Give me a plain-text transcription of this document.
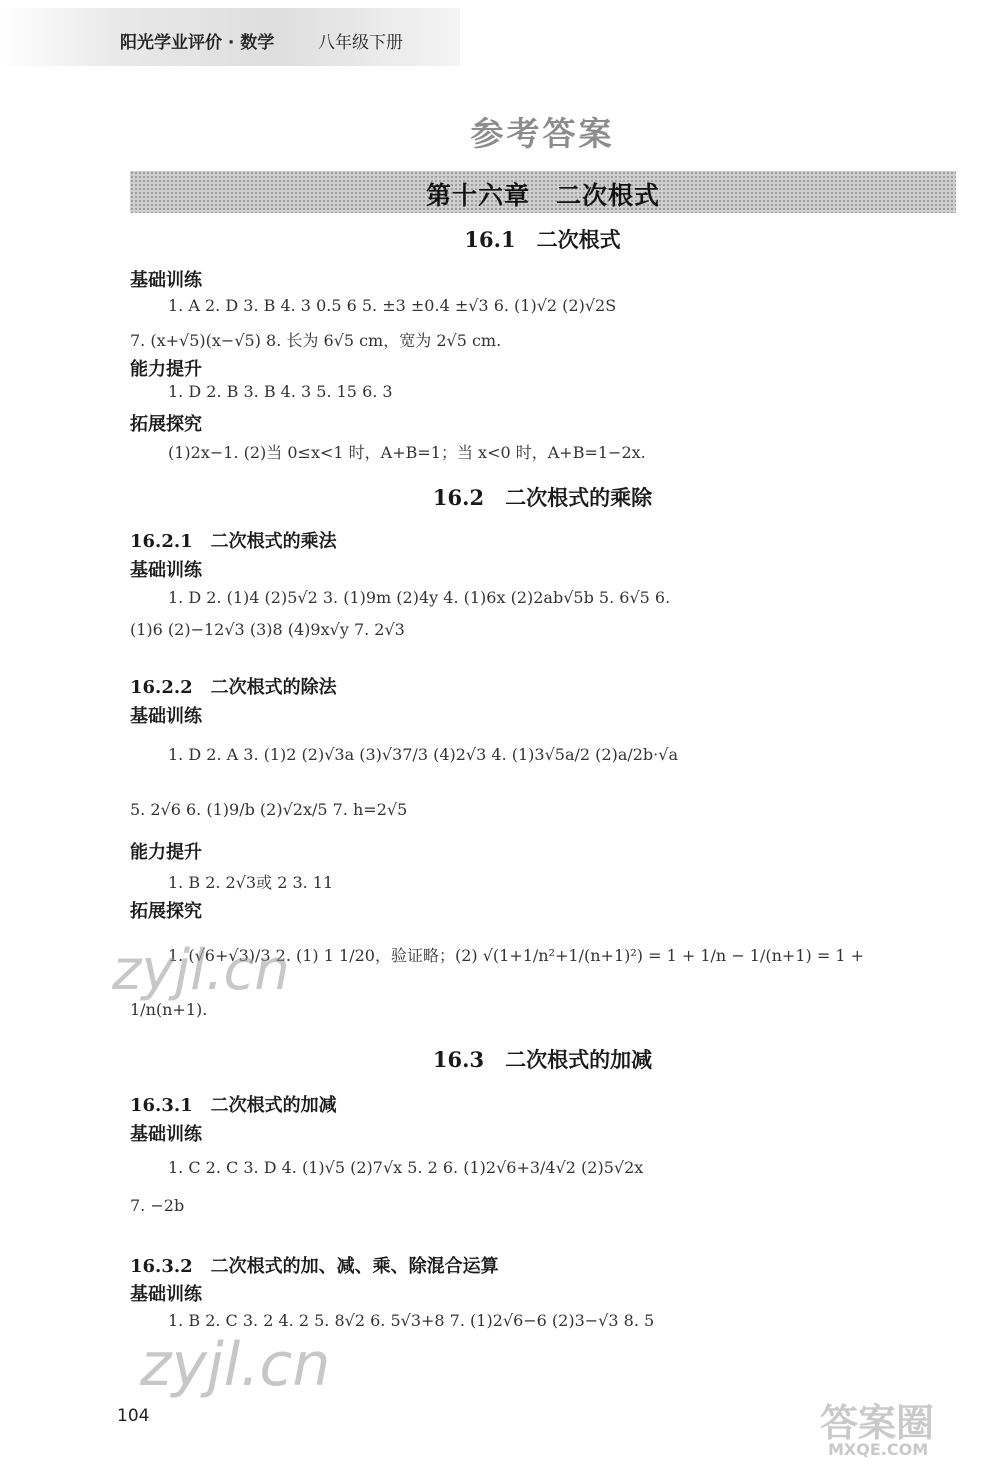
阳光学业评价 · 数学	八年级下册
参考答案
第十六章　二次根式
16.1　二次根式
基础训练
1. A 2. D 3. B 4. 3 0.5 6 5. ±3 ±0.4 ±√3 6. (1)√2 (2)√2S
7. (x+√5)(x−√5) 8. 长为 6√5 cm，宽为 2√5 cm.
能力提升
1. D 2. B 3. B 4. 3 5. 15 6. 3
拓展探究
(1)2x−1. (2)当 0≤x<1 时，A+B=1；当 x<0 时，A+B=1−2x.
16.2　二次根式的乘除
16.2.1　二次根式的乘法
基础训练
1. D 2. (1)4 (2)5√2 3. (1)9m (2)4y 4. (1)6x (2)2ab√5b 5. 6√5 6.
(1)6 (2)−12√3 (3)8 (4)9x√y 7. 2√3
16.2.2　二次根式的除法
基础训练
1. D 2. A 3. (1)2 (2)√3a (3)√37/3 (4)2√3 4. (1)3√5a/2 (2)a/2b·√a
5. 2√6 6. (1)9/b (2)√2x/5 7. h=2√5
能力提升
1. B 2. 2√3或 2 3. 11
拓展探究
1. (√6+√3)/3 2. (1) 1 1/20，验证略；(2) √(1+1/n²+1/(n+1)²) = 1 + 1/n − 1/(n+1) = 1 +
1/n(n+1).
16.3　二次根式的加减
16.3.1　二次根式的加减
基础训练
1. C 2. C 3. D 4. (1)√5 (2)7√x 5. 2 6. (1)2√6+3/4√2 (2)5√2x
7. −2b
16.3.2　二次根式的加、减、乘、除混合运算
基础训练
1. B 2. C 3. 2 4. 2 5. 8√2 6. 5√3+8 7. (1)2√6−6 (2)3−√3 8. 5
104
zyjl.cn
zyjl.cn
答案圈
MXQE.COM
